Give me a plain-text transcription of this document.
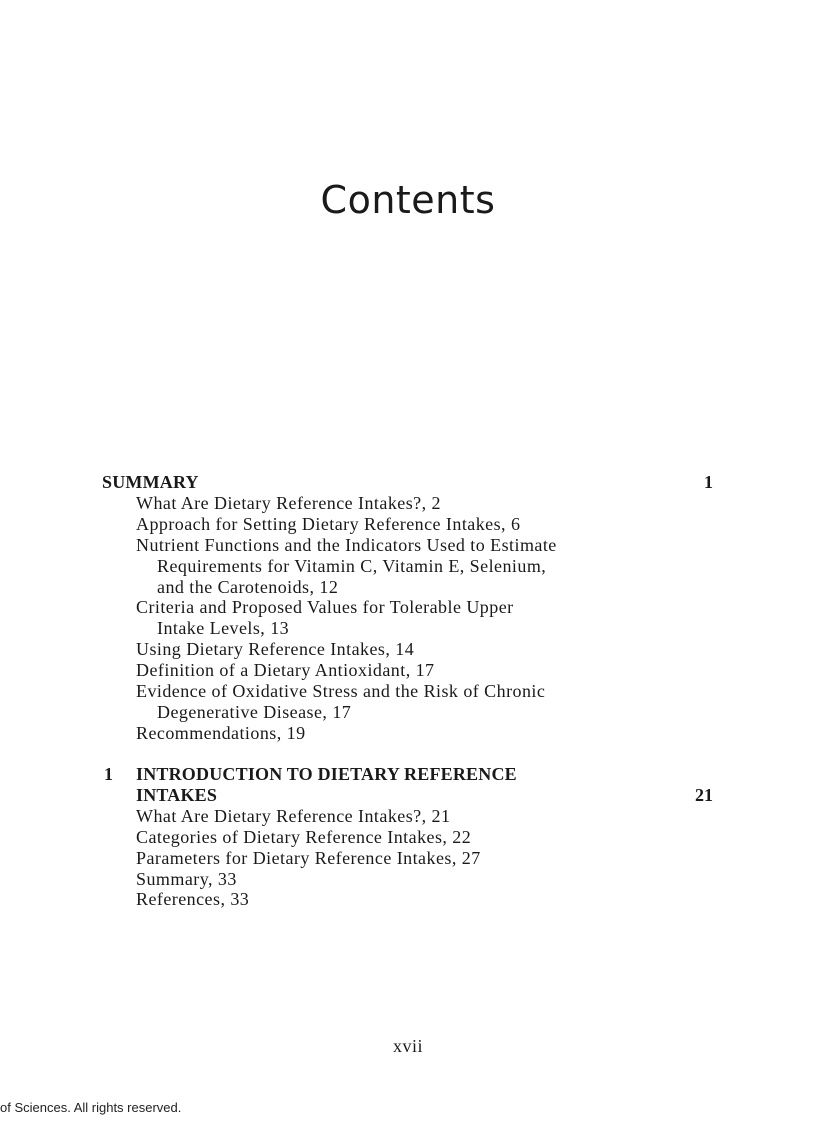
Contents
SUMMARY	1
What Are Dietary Reference Intakes?, 2
Approach for Setting Dietary Reference Intakes, 6
Nutrient Functions and the Indicators Used to Estimate
Requirements for Vitamin C, Vitamin E, Selenium,
and the Carotenoids, 12
Criteria and Proposed Values for Tolerable Upper
Intake Levels, 13
Using Dietary Reference Intakes, 14
Definition of a Dietary Antioxidant, 17
Evidence of Oxidative Stress and the Risk of Chronic
Degenerative Disease, 17
Recommendations, 19
1 INTRODUCTION TO DIETARY REFERENCE
INTAKES	21
What Are Dietary Reference Intakes?, 21
Categories of Dietary Reference Intakes, 22
Parameters for Dietary Reference Intakes, 27
Summary, 33
References, 33
xvii
of Sciences. All rights reserved.
